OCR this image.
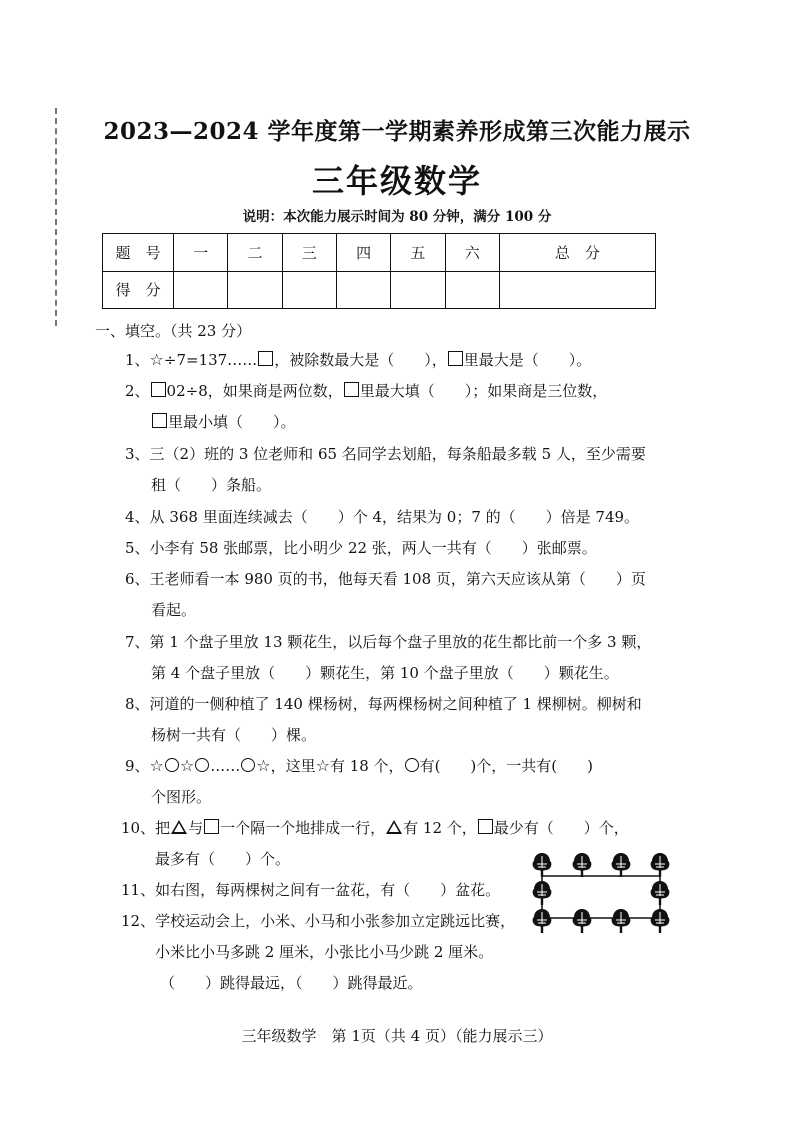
2023—2024 学年度第一学期素养形成第三次能力展示
三年级数学
说明：本次能力展示时间为 80 分钟，满分 100 分
题　号	一	二	三	四	五	六	总　分
得　分							
一、填空。（共 23 分）
1、☆÷7=137…… ，被除数最大是（　　）， 里最大是（　　）。
2、 02÷8，如果商是两位数， 里最大填（　　）；如果商是三位数，
里最小填（　　）。
3、三（2）班的 3 位老师和 65 名同学去划船，每条船最多载 5 人，至少需要
租（　　）条船。
4、从 368 里面连续减去（　　）个 4，结果为 0；7 的（　　）倍是 749。
5、小李有 58 张邮票，比小明少 22 张，两人一共有（　　）张邮票。
6、王老师看一本 980 页的书，他每天看 108 页，第六天应该从第（　　）页
看起。
7、第 1 个盘子里放 13 颗花生，以后每个盘子里放的花生都比前一个多 3 颗，
第 4 个盘子里放（　　）颗花生，第 10 个盘子里放（　　）颗花生。
8、河道的一侧种植了 140 棵杨树，每两棵杨树之间种植了 1 棵柳树。柳树和
杨树一共有（　　）棵。
9、☆ ☆ …… ☆，这里☆有 18 个， 有(　　)个，一共有(　　)
个图形。
10、把 与 一个隔一个地排成一行， 有 12 个， 最少有（　　）个，
最多有（　　）个。
11、如右图，每两棵树之间有一盆花，有（　　）盆花。
12、学校运动会上，小米、小马和小张参加立定跳远比赛，
小米比小马多跳 2 厘米，小张比小马少跳 2 厘米。
（　　）跳得最远，（　　）跳得最近。
三年级数学　第 1页（共 4 页）（能力展示三）
